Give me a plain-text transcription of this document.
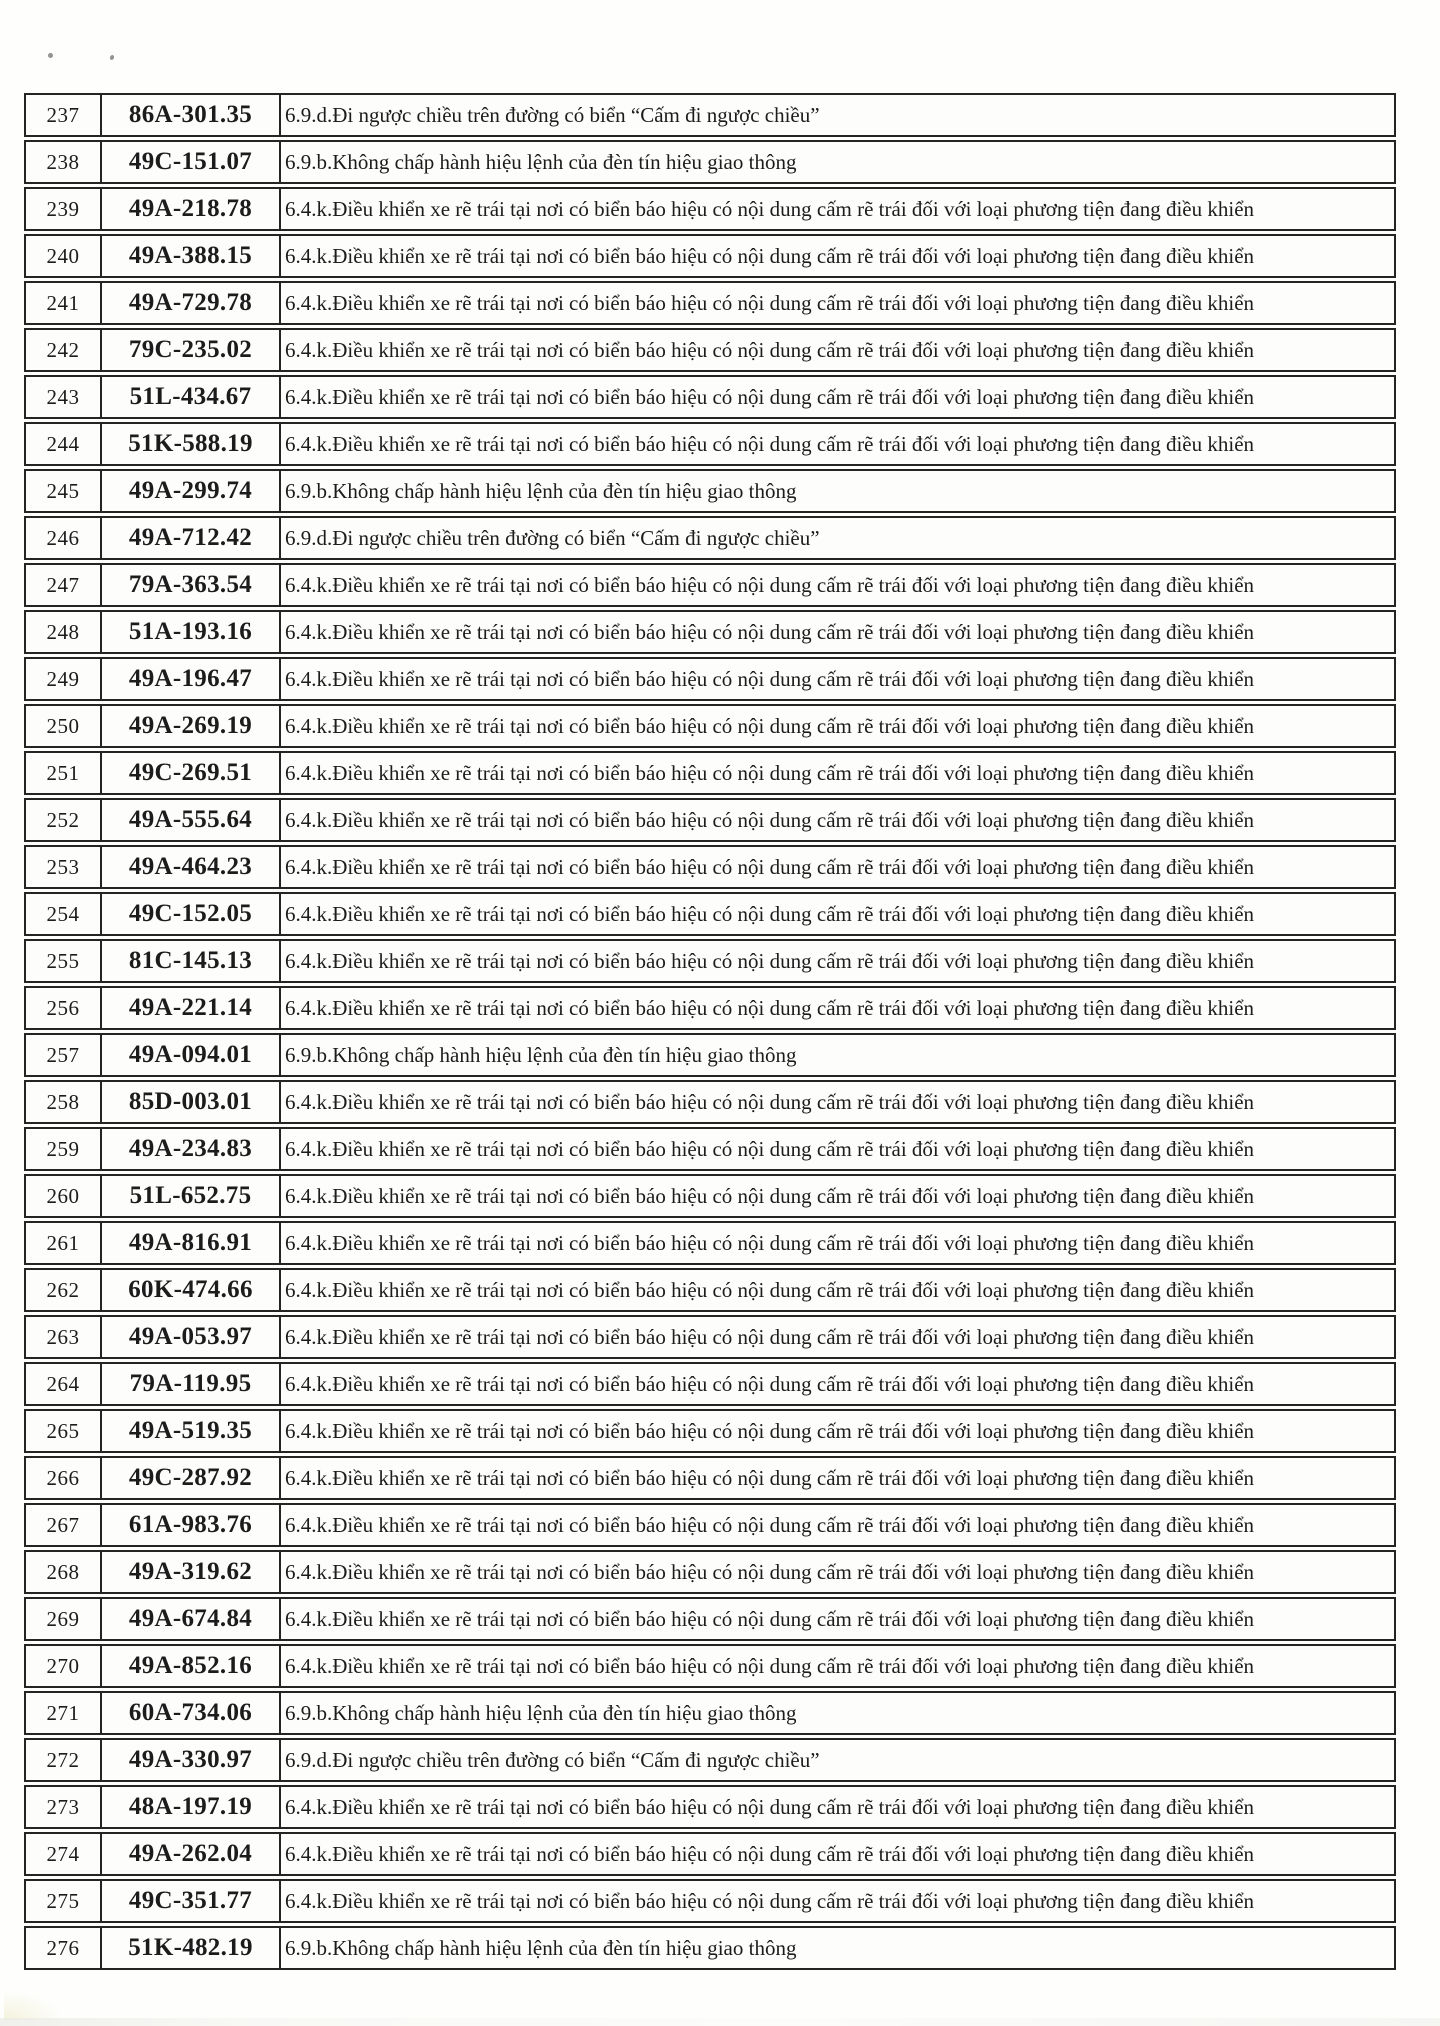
237	86A-301.35	6.9.d.Đi ngược chiều trên đường có biển “Cấm đi ngược chiều”
238	49C-151.07	6.9.b.Không chấp hành hiệu lệnh của đèn tín hiệu giao thông
239	49A-218.78	6.4.k.Điều khiển xe rẽ trái tại nơi có biển báo hiệu có nội dung cấm rẽ trái đối với loại phương tiện đang điều khiển
240	49A-388.15	6.4.k.Điều khiển xe rẽ trái tại nơi có biển báo hiệu có nội dung cấm rẽ trái đối với loại phương tiện đang điều khiển
241	49A-729.78	6.4.k.Điều khiển xe rẽ trái tại nơi có biển báo hiệu có nội dung cấm rẽ trái đối với loại phương tiện đang điều khiển
242	79C-235.02	6.4.k.Điều khiển xe rẽ trái tại nơi có biển báo hiệu có nội dung cấm rẽ trái đối với loại phương tiện đang điều khiển
243	51L-434.67	6.4.k.Điều khiển xe rẽ trái tại nơi có biển báo hiệu có nội dung cấm rẽ trái đối với loại phương tiện đang điều khiển
244	51K-588.19	6.4.k.Điều khiển xe rẽ trái tại nơi có biển báo hiệu có nội dung cấm rẽ trái đối với loại phương tiện đang điều khiển
245	49A-299.74	6.9.b.Không chấp hành hiệu lệnh của đèn tín hiệu giao thông
246	49A-712.42	6.9.d.Đi ngược chiều trên đường có biển “Cấm đi ngược chiều”
247	79A-363.54	6.4.k.Điều khiển xe rẽ trái tại nơi có biển báo hiệu có nội dung cấm rẽ trái đối với loại phương tiện đang điều khiển
248	51A-193.16	6.4.k.Điều khiển xe rẽ trái tại nơi có biển báo hiệu có nội dung cấm rẽ trái đối với loại phương tiện đang điều khiển
249	49A-196.47	6.4.k.Điều khiển xe rẽ trái tại nơi có biển báo hiệu có nội dung cấm rẽ trái đối với loại phương tiện đang điều khiển
250	49A-269.19	6.4.k.Điều khiển xe rẽ trái tại nơi có biển báo hiệu có nội dung cấm rẽ trái đối với loại phương tiện đang điều khiển
251	49C-269.51	6.4.k.Điều khiển xe rẽ trái tại nơi có biển báo hiệu có nội dung cấm rẽ trái đối với loại phương tiện đang điều khiển
252	49A-555.64	6.4.k.Điều khiển xe rẽ trái tại nơi có biển báo hiệu có nội dung cấm rẽ trái đối với loại phương tiện đang điều khiển
253	49A-464.23	6.4.k.Điều khiển xe rẽ trái tại nơi có biển báo hiệu có nội dung cấm rẽ trái đối với loại phương tiện đang điều khiển
254	49C-152.05	6.4.k.Điều khiển xe rẽ trái tại nơi có biển báo hiệu có nội dung cấm rẽ trái đối với loại phương tiện đang điều khiển
255	81C-145.13	6.4.k.Điều khiển xe rẽ trái tại nơi có biển báo hiệu có nội dung cấm rẽ trái đối với loại phương tiện đang điều khiển
256	49A-221.14	6.4.k.Điều khiển xe rẽ trái tại nơi có biển báo hiệu có nội dung cấm rẽ trái đối với loại phương tiện đang điều khiển
257	49A-094.01	6.9.b.Không chấp hành hiệu lệnh của đèn tín hiệu giao thông
258	85D-003.01	6.4.k.Điều khiển xe rẽ trái tại nơi có biển báo hiệu có nội dung cấm rẽ trái đối với loại phương tiện đang điều khiển
259	49A-234.83	6.4.k.Điều khiển xe rẽ trái tại nơi có biển báo hiệu có nội dung cấm rẽ trái đối với loại phương tiện đang điều khiển
260	51L-652.75	6.4.k.Điều khiển xe rẽ trái tại nơi có biển báo hiệu có nội dung cấm rẽ trái đối với loại phương tiện đang điều khiển
261	49A-816.91	6.4.k.Điều khiển xe rẽ trái tại nơi có biển báo hiệu có nội dung cấm rẽ trái đối với loại phương tiện đang điều khiển
262	60K-474.66	6.4.k.Điều khiển xe rẽ trái tại nơi có biển báo hiệu có nội dung cấm rẽ trái đối với loại phương tiện đang điều khiển
263	49A-053.97	6.4.k.Điều khiển xe rẽ trái tại nơi có biển báo hiệu có nội dung cấm rẽ trái đối với loại phương tiện đang điều khiển
264	79A-119.95	6.4.k.Điều khiển xe rẽ trái tại nơi có biển báo hiệu có nội dung cấm rẽ trái đối với loại phương tiện đang điều khiển
265	49A-519.35	6.4.k.Điều khiển xe rẽ trái tại nơi có biển báo hiệu có nội dung cấm rẽ trái đối với loại phương tiện đang điều khiển
266	49C-287.92	6.4.k.Điều khiển xe rẽ trái tại nơi có biển báo hiệu có nội dung cấm rẽ trái đối với loại phương tiện đang điều khiển
267	61A-983.76	6.4.k.Điều khiển xe rẽ trái tại nơi có biển báo hiệu có nội dung cấm rẽ trái đối với loại phương tiện đang điều khiển
268	49A-319.62	6.4.k.Điều khiển xe rẽ trái tại nơi có biển báo hiệu có nội dung cấm rẽ trái đối với loại phương tiện đang điều khiển
269	49A-674.84	6.4.k.Điều khiển xe rẽ trái tại nơi có biển báo hiệu có nội dung cấm rẽ trái đối với loại phương tiện đang điều khiển
270	49A-852.16	6.4.k.Điều khiển xe rẽ trái tại nơi có biển báo hiệu có nội dung cấm rẽ trái đối với loại phương tiện đang điều khiển
271	60A-734.06	6.9.b.Không chấp hành hiệu lệnh của đèn tín hiệu giao thông
272	49A-330.97	6.9.d.Đi ngược chiều trên đường có biển “Cấm đi ngược chiều”
273	48A-197.19	6.4.k.Điều khiển xe rẽ trái tại nơi có biển báo hiệu có nội dung cấm rẽ trái đối với loại phương tiện đang điều khiển
274	49A-262.04	6.4.k.Điều khiển xe rẽ trái tại nơi có biển báo hiệu có nội dung cấm rẽ trái đối với loại phương tiện đang điều khiển
275	49C-351.77	6.4.k.Điều khiển xe rẽ trái tại nơi có biển báo hiệu có nội dung cấm rẽ trái đối với loại phương tiện đang điều khiển
276	51K-482.19	6.9.b.Không chấp hành hiệu lệnh của đèn tín hiệu giao thông
